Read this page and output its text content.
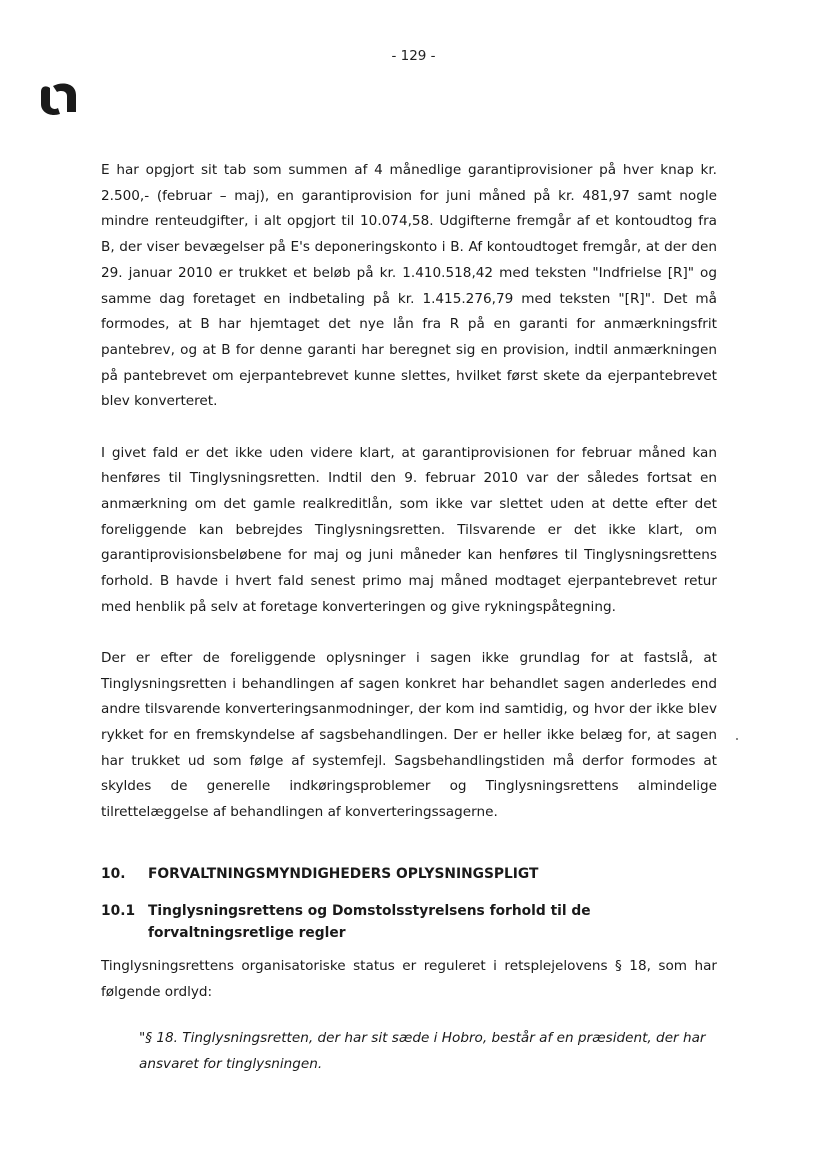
- 129 -

E har opgjort sit tab som summen af 4 månedlige garantiprovisioner på hver knap kr. 2.500,- (februar – maj), en garantiprovision for juni måned på kr. 481,97 samt nogle mindre renteudgifter, i alt opgjort til 10.074,58. Udgifterne fremgår af et kontoudtog fra B, der viser bevægelser på E's deponeringskonto i B. Af kontoudtoget fremgår, at der den 29. januar 2010 er trukket et beløb på kr. 1.410.518,42 med teksten "Indfrielse [R]" og samme dag foretaget en indbetaling på kr. 1.415.276,79 med teksten "[R]". Det må formodes, at B har hjemtaget det nye lån fra R på en garanti for anmærkningsfrit pantebrev, og at B for denne garanti har beregnet sig en provision, indtil anmærkningen på pantebrevet om ejerpantebrevet kunne slettes, hvilket først skete da ejerpantebrevet blev konverteret.

I givet fald er det ikke uden videre klart, at garantiprovisionen for februar måned kan henføres til Tinglysningsretten. Indtil den 9. februar 2010 var der således fortsat en anmærkning om det gamle realkreditlån, som ikke var slettet uden at dette efter det foreliggende kan bebrejdes Tinglysningsretten. Tilsvarende er det ikke klart, om garantiprovisionsbeløbene for maj og juni måneder kan henføres til Tinglysningsrettens forhold. B havde i hvert fald senest primo maj måned modtaget ejerpantebrevet retur med henblik på selv at foretage konverteringen og give rykningspåtegning.

Der er efter de foreliggende oplysninger i sagen ikke grundlag for at fastslå, at Tinglysningsretten i behandlingen af sagen konkret har behandlet sagen anderledes end andre tilsvarende konverteringsanmodninger, der kom ind samtidig, og hvor der ikke blev rykket for en fremskyndelse af sagsbehandlingen. Der er heller ikke belæg for, at sagen har trukket ud som følge af systemfejl. Sagsbehandlingstiden må derfor formodes at skyldes de generelle indkøringsproblemer og Tinglysningsrettens almindelige tilrettelæggelse af behandlingen af konverteringssagerne.

10.	FORVALTNINGSMYNDIGHEDERS OPLYSNINGSPLIGT
10.1 Tinglysningsrettens og Domstolsstyrelsens forhold til de forvaltningsretlige regler

Tinglysningsrettens organisatoriske status er reguleret i retsplejelovens § 18, som har følgende ordlyd:

"§ 18. Tinglysningsretten, der har sit sæde i Hobro, består af en præsident, der har ansvaret for tinglysningen.
